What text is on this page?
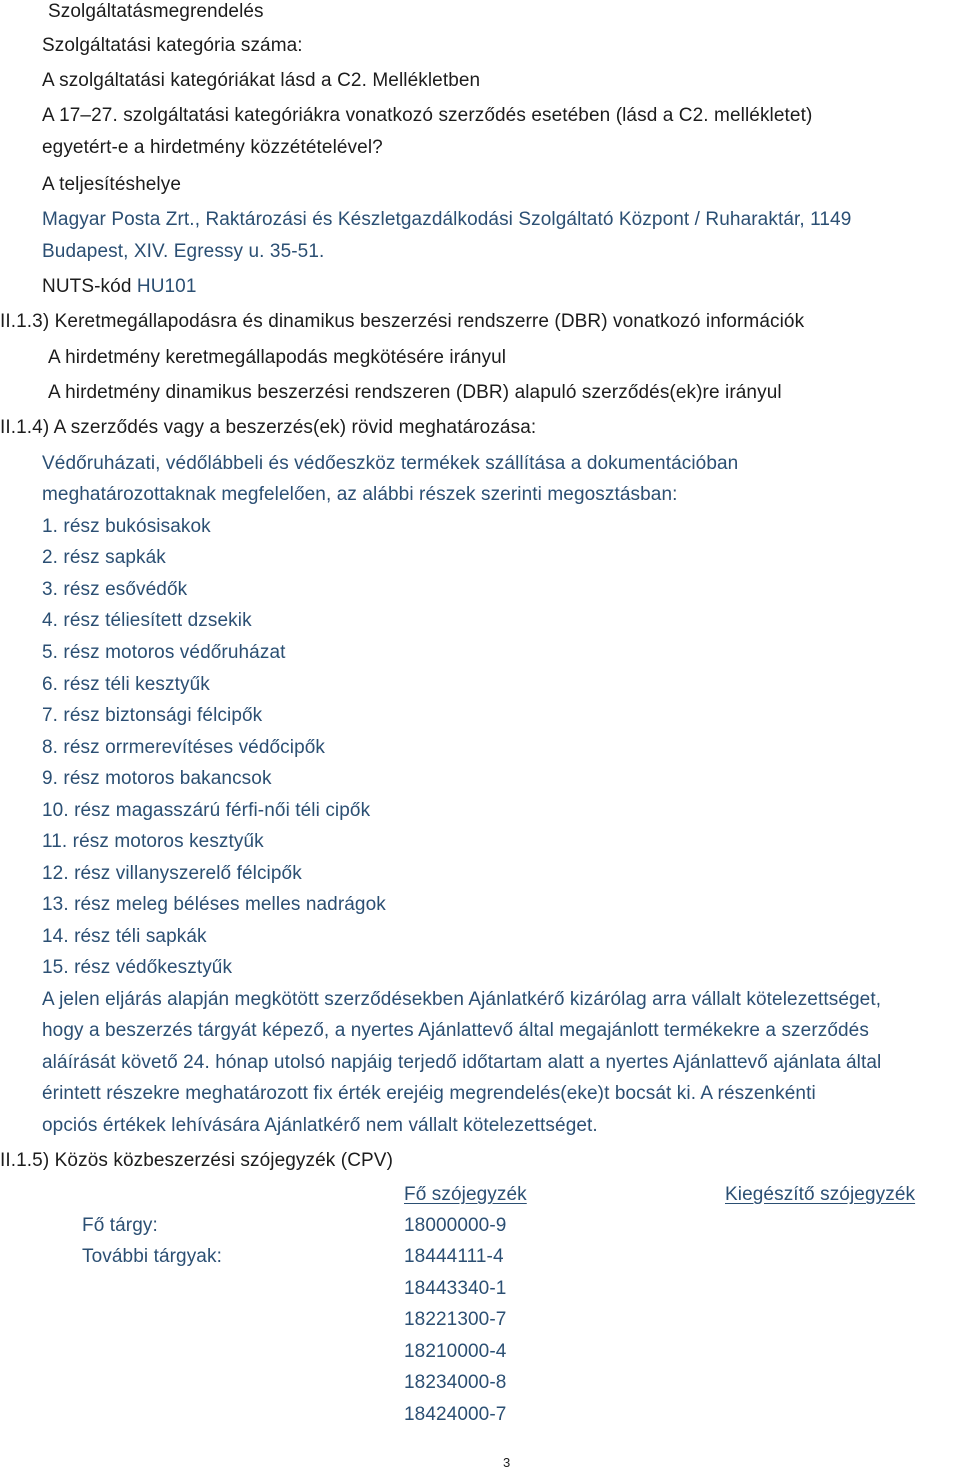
Szolgáltatásmegrendelés
Szolgáltatási kategória száma:
A szolgáltatási kategóriákat lásd a C2. Mellékletben
A 17–27. szolgáltatási kategóriákra vonatkozó szerződés esetében (lásd a C2. mellékletet)
egyetért-e a hirdetmény közzétételével?
A teljesítéshelye
Magyar Posta Zrt., Raktározási és Készletgazdálkodási Szolgáltató Központ / Ruharaktár, 1149
Budapest, XIV. Egressy u. 35-51.
NUTS-kód HU101
II.1.3) Keretmegállapodásra és dinamikus beszerzési rendszerre (DBR) vonatkozó információk
A hirdetmény keretmegállapodás megkötésére irányul
A hirdetmény dinamikus beszerzési rendszeren (DBR) alapuló szerződés(ek)re irányul
II.1.4) A szerződés vagy a beszerzés(ek) rövid meghatározása:
Védőruházati, védőlábbeli és védőeszköz termékek szállítása a dokumentációban
meghatározottaknak megfelelően, az alábbi részek szerinti megosztásban:
1. rész bukósisakok
2. rész sapkák
3. rész esővédők
4. rész téliesített dzsekik
5. rész motoros védőruházat
6. rész téli kesztyűk
7. rész biztonsági félcipők
8. rész orrmerevítéses védőcipők
9. rész motoros bakancsok
10. rész magasszárú férfi-női téli cipők
11. rész motoros kesztyűk
12. rész villanyszerelő félcipők
13. rész meleg béléses melles nadrágok
14. rész téli sapkák
15. rész védőkesztyűk
A jelen eljárás alapján megkötött szerződésekben Ajánlatkérő kizárólag arra vállalt kötelezettséget,
hogy a beszerzés tárgyát képező, a nyertes Ajánlattevő által megajánlott termékekre a szerződés
aláírását követő 24. hónap utolsó napjáig terjedő időtartam alatt a nyertes Ajánlattevő ajánlata által
érintett részekre meghatározott fix érték erejéig megrendelés(eke)t bocsát ki. A részenkénti
opciós értékek lehívására Ajánlatkérő nem vállalt kötelezettséget.
II.1.5) Közös közbeszerzési szójegyzék (CPV)
Fő szójegyzék	Kiegészítő szójegyzék
Fő tárgy:	18000000-9
További tárgyak:	18444111-4
18443340-1
18221300-7
18210000-4
18234000-8
18424000-7
3
